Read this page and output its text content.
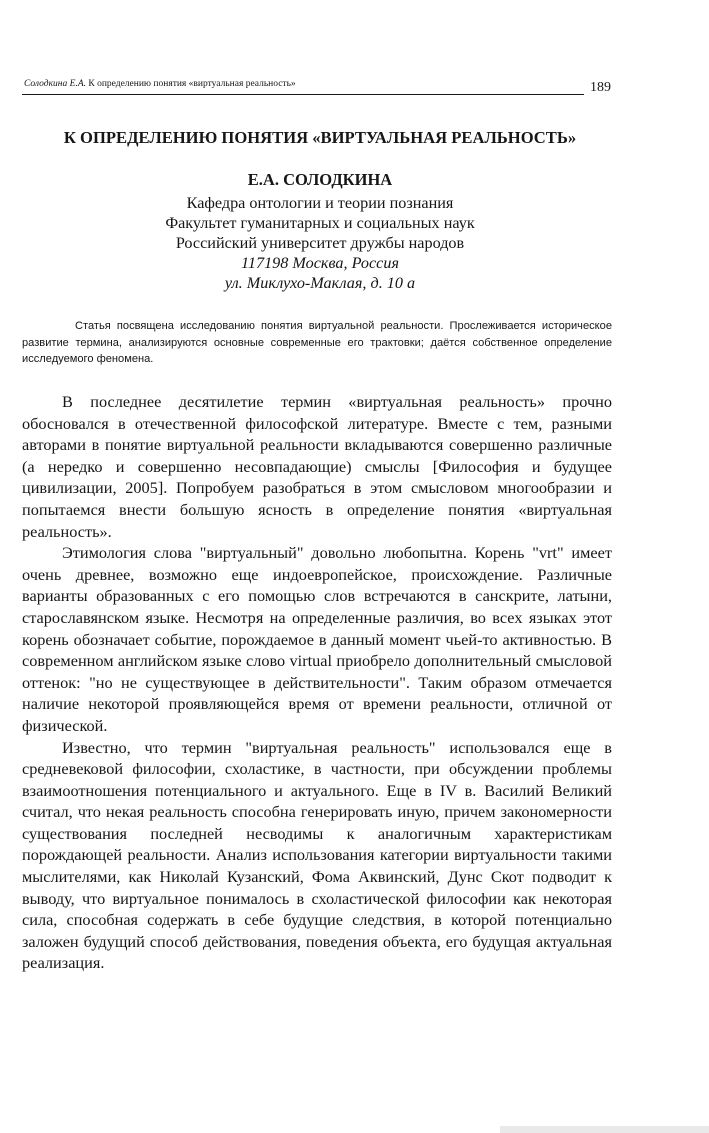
Солодкина Е.А. К определению понятия «виртуальная реальность»	189
К ОПРЕДЕЛЕНИЮ ПОНЯТИЯ «ВИРТУАЛЬНАЯ РЕАЛЬНОСТЬ»
Е.А. СОЛОДКИНА
Кафедра онтологии и теории познания
Факультет гуманитарных и социальных наук
Российский университет дружбы народов
117198 Москва, Россия
ул. Миклухо-Маклая, д. 10 а
Статья посвящена исследованию понятия виртуальной реальности. Прослеживается историческое развитие термина, анализируются основные современные его трактовки; даётся собственное определение исследуемого феномена.

В последнее десятилетие термин «виртуальная реальность» прочно обосновался в отечественной философской литературе. Вместе с тем, разными авторами в понятие виртуальной реальности вкладываются совершенно различные (а нередко и совершенно несовпадающие) смыслы [Философия и будущее цивилизации, 2005]. Попробуем разобраться в этом смысловом многообразии и попытаемся внести большую ясность в определение понятия «виртуальная реальность».

Этимология слова "виртуальный" довольно любопытна. Корень "vrt" имеет очень древнее, возможно еще индоевропейское, происхождение. Различные варианты образованных с его помощью слов встречаются в санскрите, латыни, старославянском языке. Несмотря на определенные различия, во всех языках этот корень обозначает событие, порождаемое в данный момент чьей-то активностью. В современном английском языке слово virtual приобрело дополнительный смысловой оттенок: "но не существующее в действительности". Таким образом отмечается наличие некоторой проявляющейся время от времени реальности, отличной от физической.

Известно, что термин "виртуальная реальность" использовался еще в средневековой философии, схоластике, в частности, при обсуждении проблемы взаимоотношения потенциального и актуального. Еще в IV в. Василий Великий считал, что некая реальность способна генерировать иную, причем закономерности существования последней несводимы к аналогичным характеристикам порождающей реальности. Анализ использования категории виртуальности такими мыслителями, как Николай Кузанский, Фома Аквинский, Дунс Скот подводит к выводу, что виртуальное понималось в схоластической философии как некоторая сила, способная содержать в себе будущие следствия, в которой потенциально заложен будущий способ действования, поведения объекта, его будущая актуальная реализация.
